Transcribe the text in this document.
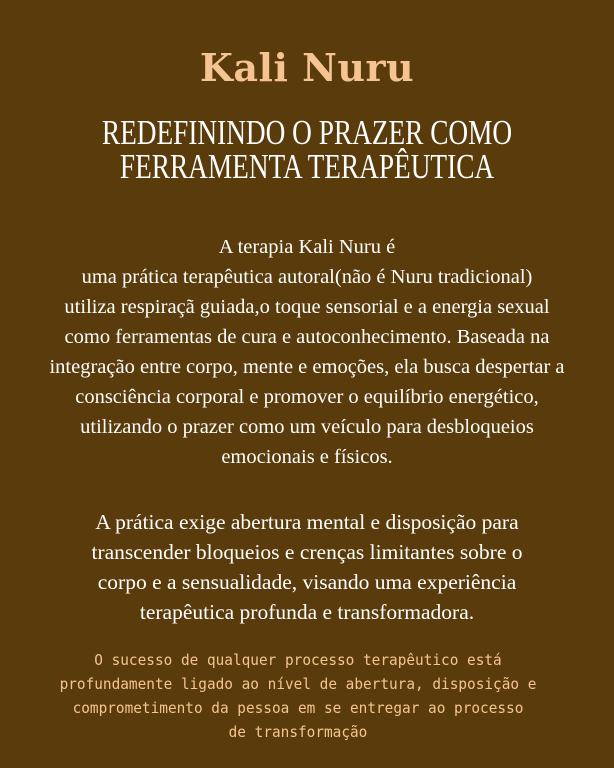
Kali Nuru
REDEFININDO O PRAZER COMO
FERRAMENTA TERAPÊUTICA
A terapia Kali Nuru é
uma prática terapêutica autoral(não é Nuru tradicional)
utiliza respiraçã guiada,o toque sensorial e a energia sexual
como ferramentas de cura e autoconhecimento. Baseada na
integração entre corpo, mente e emoções, ela busca despertar a
consciência corporal e promover o equilíbrio energético,
utilizando o prazer como um veículo para desbloqueios
emocionais e físicos.
A prática exige abertura mental e disposição para
transcender bloqueios e crenças limitantes sobre o
corpo e a sensualidade, visando uma experiência
terapêutica profunda e transformadora.
O sucesso de qualquer processo terapêutico está
profundamente ligado ao nível de abertura, disposição e
comprometimento da pessoa em se entregar ao processo
de transformação
